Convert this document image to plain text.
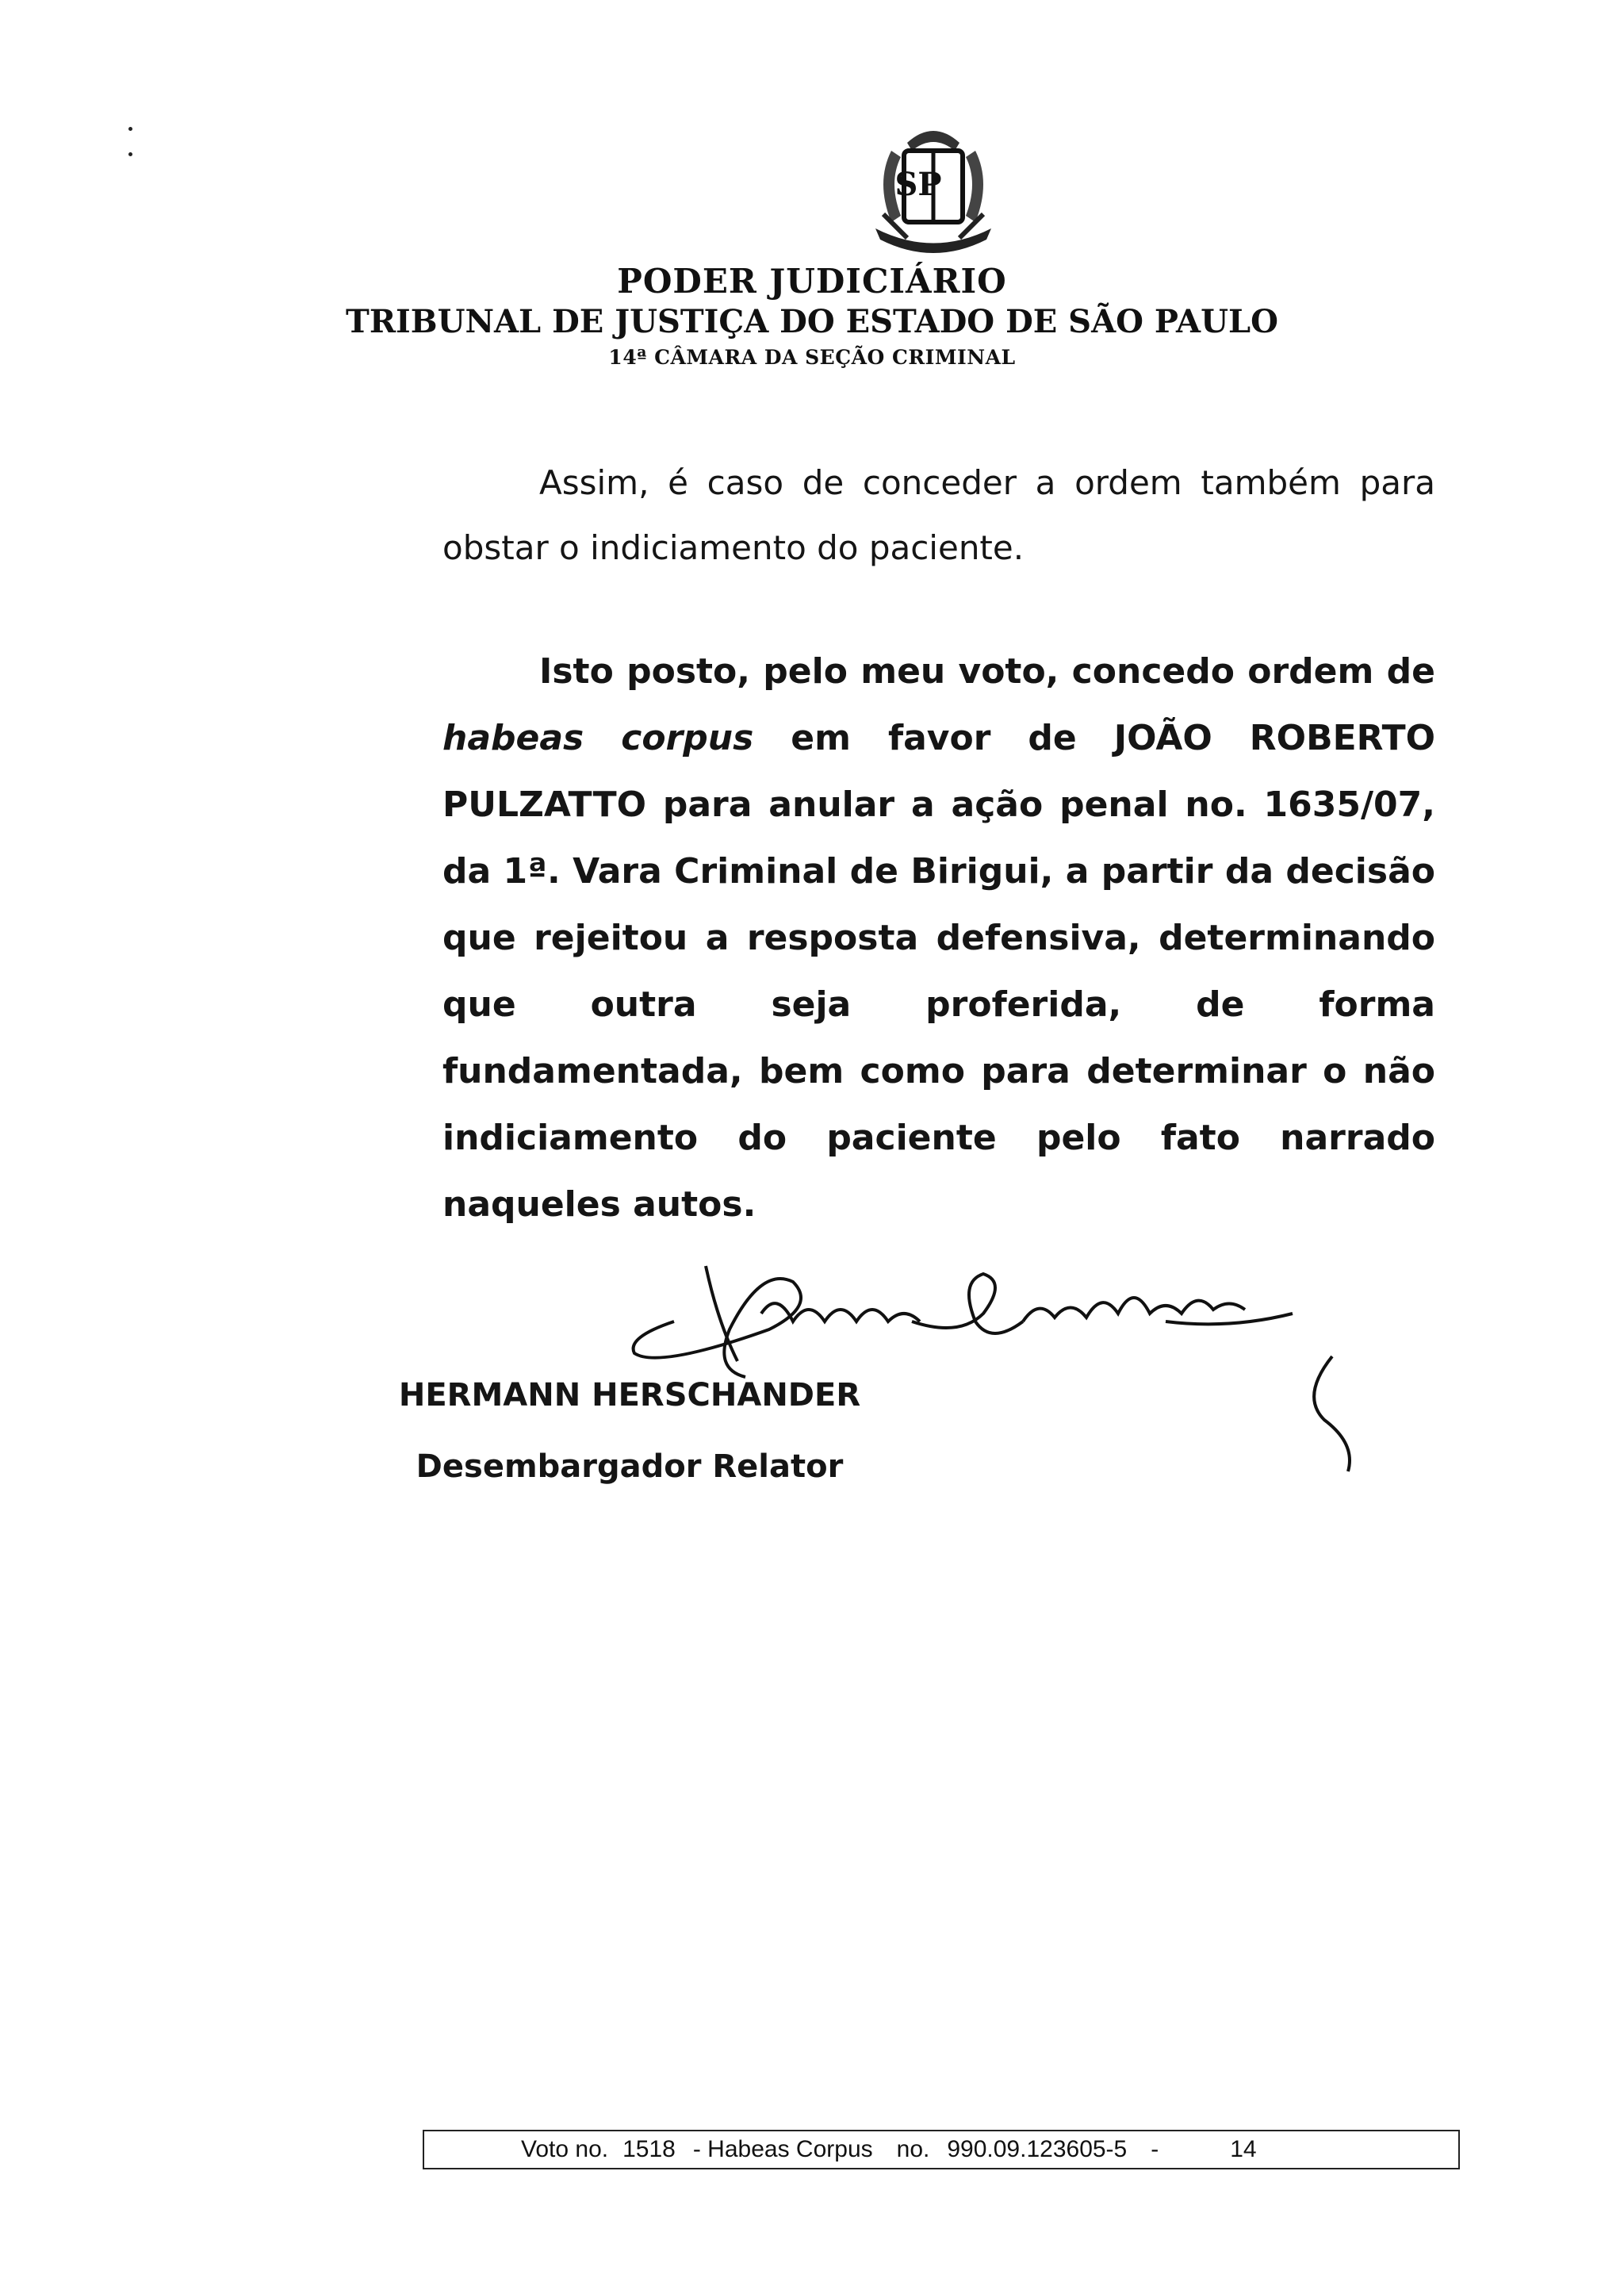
SP
PODER JUDICIÁRIO
TRIBUNAL DE JUSTIÇA DO ESTADO DE SÃO PAULO
14ª CÂMARA DA SEÇÃO CRIMINAL
Assim, é caso de conceder a ordem também para obstar o indiciamento do paciente.
Isto posto, pelo meu voto, concedo ordem de habeas corpus em favor de JOÃO ROBERTO PULZATTO para anular a ação penal no. 1635/07, da 1ª. Vara Criminal de Birigui, a partir da decisão que rejeitou a resposta defensiva, determinando que outra seja proferida, de forma fundamentada, bem como para determinar o não indiciamento do paciente pelo fato narrado naqueles autos.
HERMANN HERSCHANDER
Desembargador Relator
Voto no. 1518 - Habeas Corpus no. 990.09.123605-5 -	14
